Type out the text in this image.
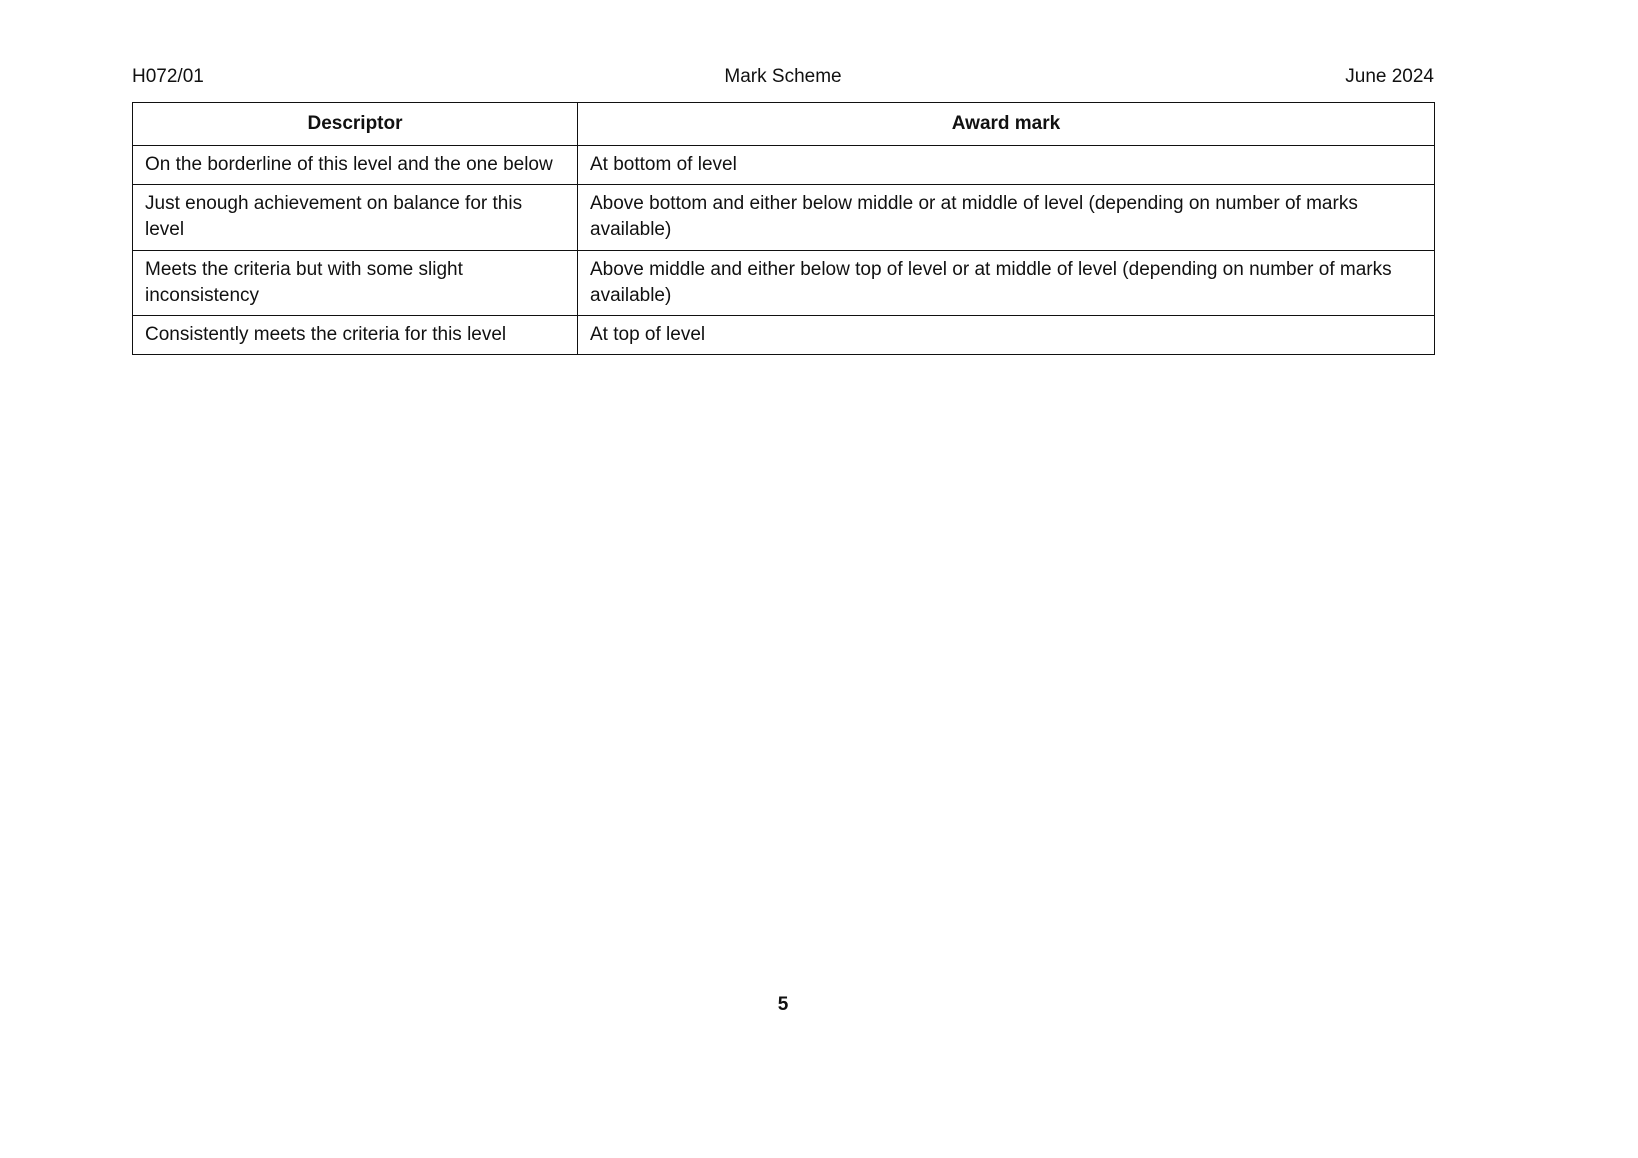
H072/01	Mark Scheme	June 2024
Descriptor	Award mark
On the borderline of this level and the one below	At bottom of level
Just enough achievement on balance for this level	Above bottom and either below middle or at middle of level (depending on number of marks available)
Meets the criteria but with some slight inconsistency	Above middle and either below top of level or at middle of level (depending on number of marks available)
Consistently meets the criteria for this level	At top of level
5
